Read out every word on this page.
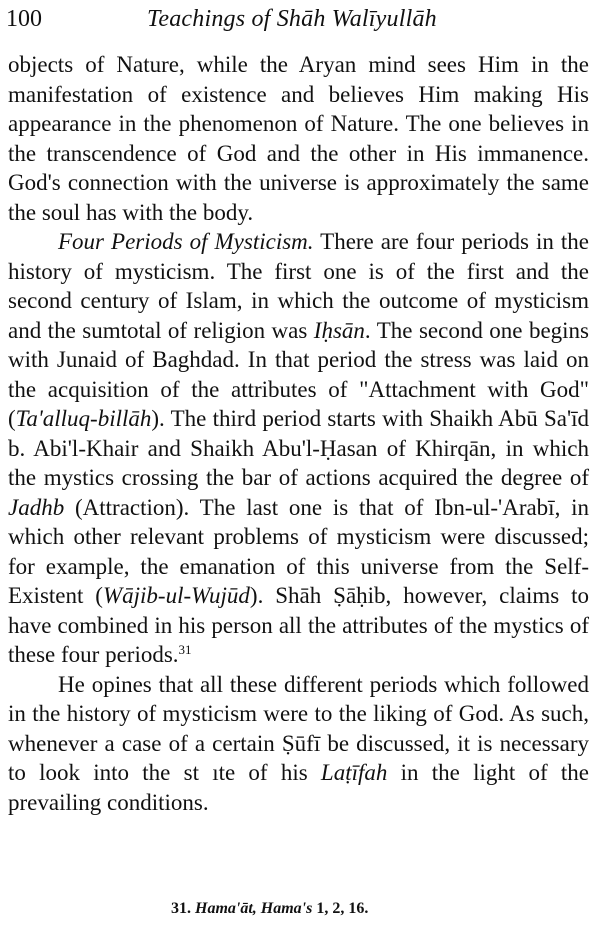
100	Teachings of Shāh Walīyullāh

objects of Nature, while the Aryan mind sees Him in the manifestation of existence and believes Him making His appearance in the phenomenon of Nature. The one believes in the transcendence of God and the other in His immanence. God's connection with the universe is approximately the same the soul has with the body.

Four Periods of Mysticism. There are four periods in the history of mysticism. The first one is of the first and the second century of Islam, in which the outcome of mysticism and the sumtotal of religion was Iḥsān. The second one begins with Junaid of Baghdad. In that period the stress was laid on the acquisition of the attributes of "Attachment with God" (Ta'alluq-billāh). The third period starts with Shaikh Abū Sa'īd b. Abi'l-Khair and Shaikh Abu'l-Ḥasan of Khirqān, in which the mystics crossing the bar of actions acquired the degree of Jadhb (Attraction). The last one is that of Ibn-ul-'Arabī, in which other relevant problems of mysticism were discussed; for example, the emanation of this universe from the Self-Existent (Wājib-ul-Wujūd). Shāh Ṣāḥib, however, claims to have combined in his person all the attributes of the mystics of these four periods.$^{31}$

He opines that all these different periods which followed in the history of mysticism were to the liking of God. As such, whenever a case of a certain Ṣūfī be discussed, it is necessary to look into the st ıte of his Laṭīfah in the light of the prevailing conditions.

31. Hama'āt, Hama's 1, 2, 16.
